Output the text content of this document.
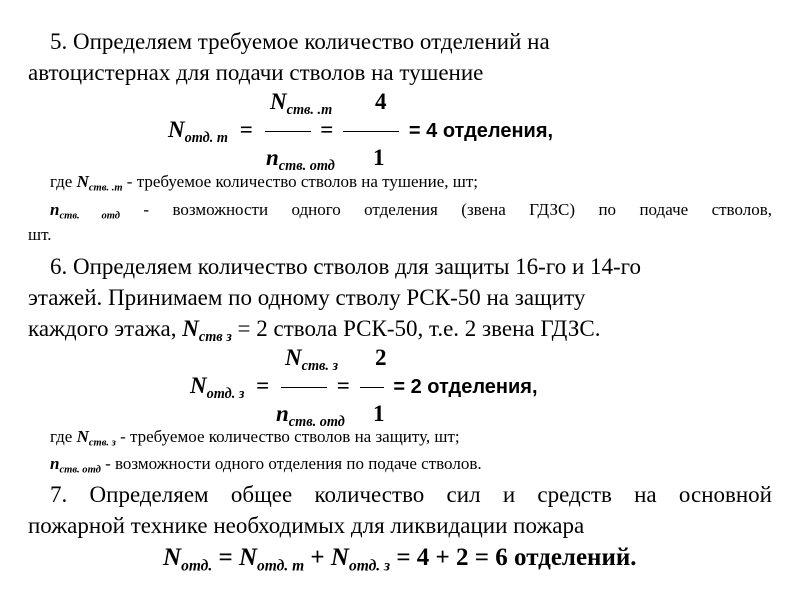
5. Определяем требуемое количество отделений на
автоцистернах для подачи стволов на тушение
$N_{ств. .т}$ 4
$N_{отд. т}$ =	=	= 4 отделения,
$n_{ств. отд}$ 1
где $N_{ств. .т}$ - требуемое количество стволов на тушение, шт;
$n_{ств. отд}$ - возможности одного отделения (звена ГДЗС) по подаче стволов,
шт.
6. Определяем количество стволов для защиты 16-го и 14-го
этажей. Принимаем по одному стволу РСК-50 на защиту
каждого этажа, $N_{ств з} = 2$ ствола РСК-50, т.е. 2 звена ГДЗС.
$N_{ств. з}$ 2
$N_{отд. з}$ =	= = 2 отделения,
$n_{ств. отд}$ 1
где $N_{ств. з}$ - требуемое количество стволов на защиту, шт;
$n_{ств. отд}$ - возможности одного отделения по подаче стволов.
7. Определяем общее количество сил и средств на основной
пожарной технике необходимых для ликвидации пожара
$N_{отд.} = N_{отд. т} + N_{отд. з} = 4 + 2 = 6$ отделений.
